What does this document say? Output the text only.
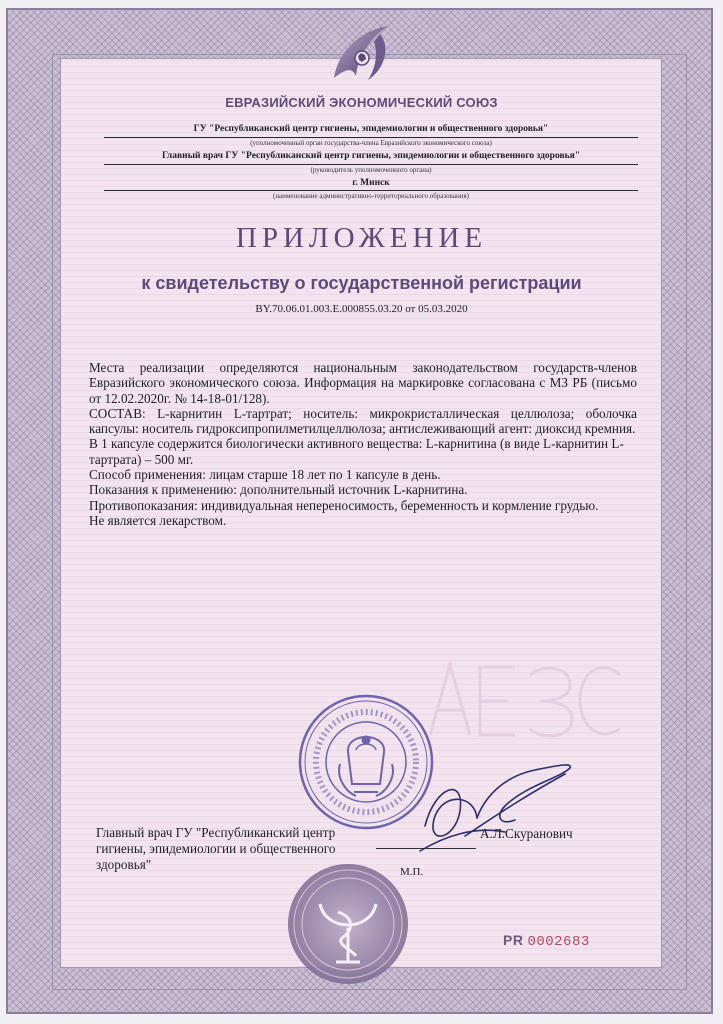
ЕВРАЗИЙСКИЙ ЭКОНОМИЧЕСКИЙ СОЮЗ
ГУ "Республиканский центр гигиены, эпидемиологии и общественного здоровья"
(уполномоченный орган государства-члена Евразийского экономического союза)
Главный врач ГУ "Республиканский центр гигиены, эпидемиологии и общественного здоровья"
(руководитель уполномоченного органа)
г. Минск
(наименование административно-территориального образования)
ПРИЛОЖЕНИЕ
к свидетельству о государственной регистрации
BY.70.06.01.003.Е.000855.03.20 от 05.03.2020

Места реализации определяются национальным законодательством государств-членов Евразийского экономического союза. Информация на маркировке согласована с МЗ РБ (письмо от 12.02.2020г. № 14-18-01/128).

СОСТАВ: L-карнитин L-тартрат; носитель: микрокристаллическая целлюлоза; оболочка капсулы: носитель гидроксипропилметилцеллюлоза; антислеживающий агент: диоксид кремния.

В 1 капсуле содержится биологически активного вещества: L-карнитина (в виде L-карнитин L-тартрата) – 500 мг.

Способ применения: лицам старше 18 лет по 1 капсуле в день.

Показания к применению: дополнительный источник L-карнитина.

Противопоказания: индивидуальная непереносимость, беременность и кормление грудью.

Не является лекарством.

Главный врач ГУ "Республиканский центр гигиены, эпидемиологии и общественного здоровья"
А.Л.Скуранович
М.П.
PR 0002683
